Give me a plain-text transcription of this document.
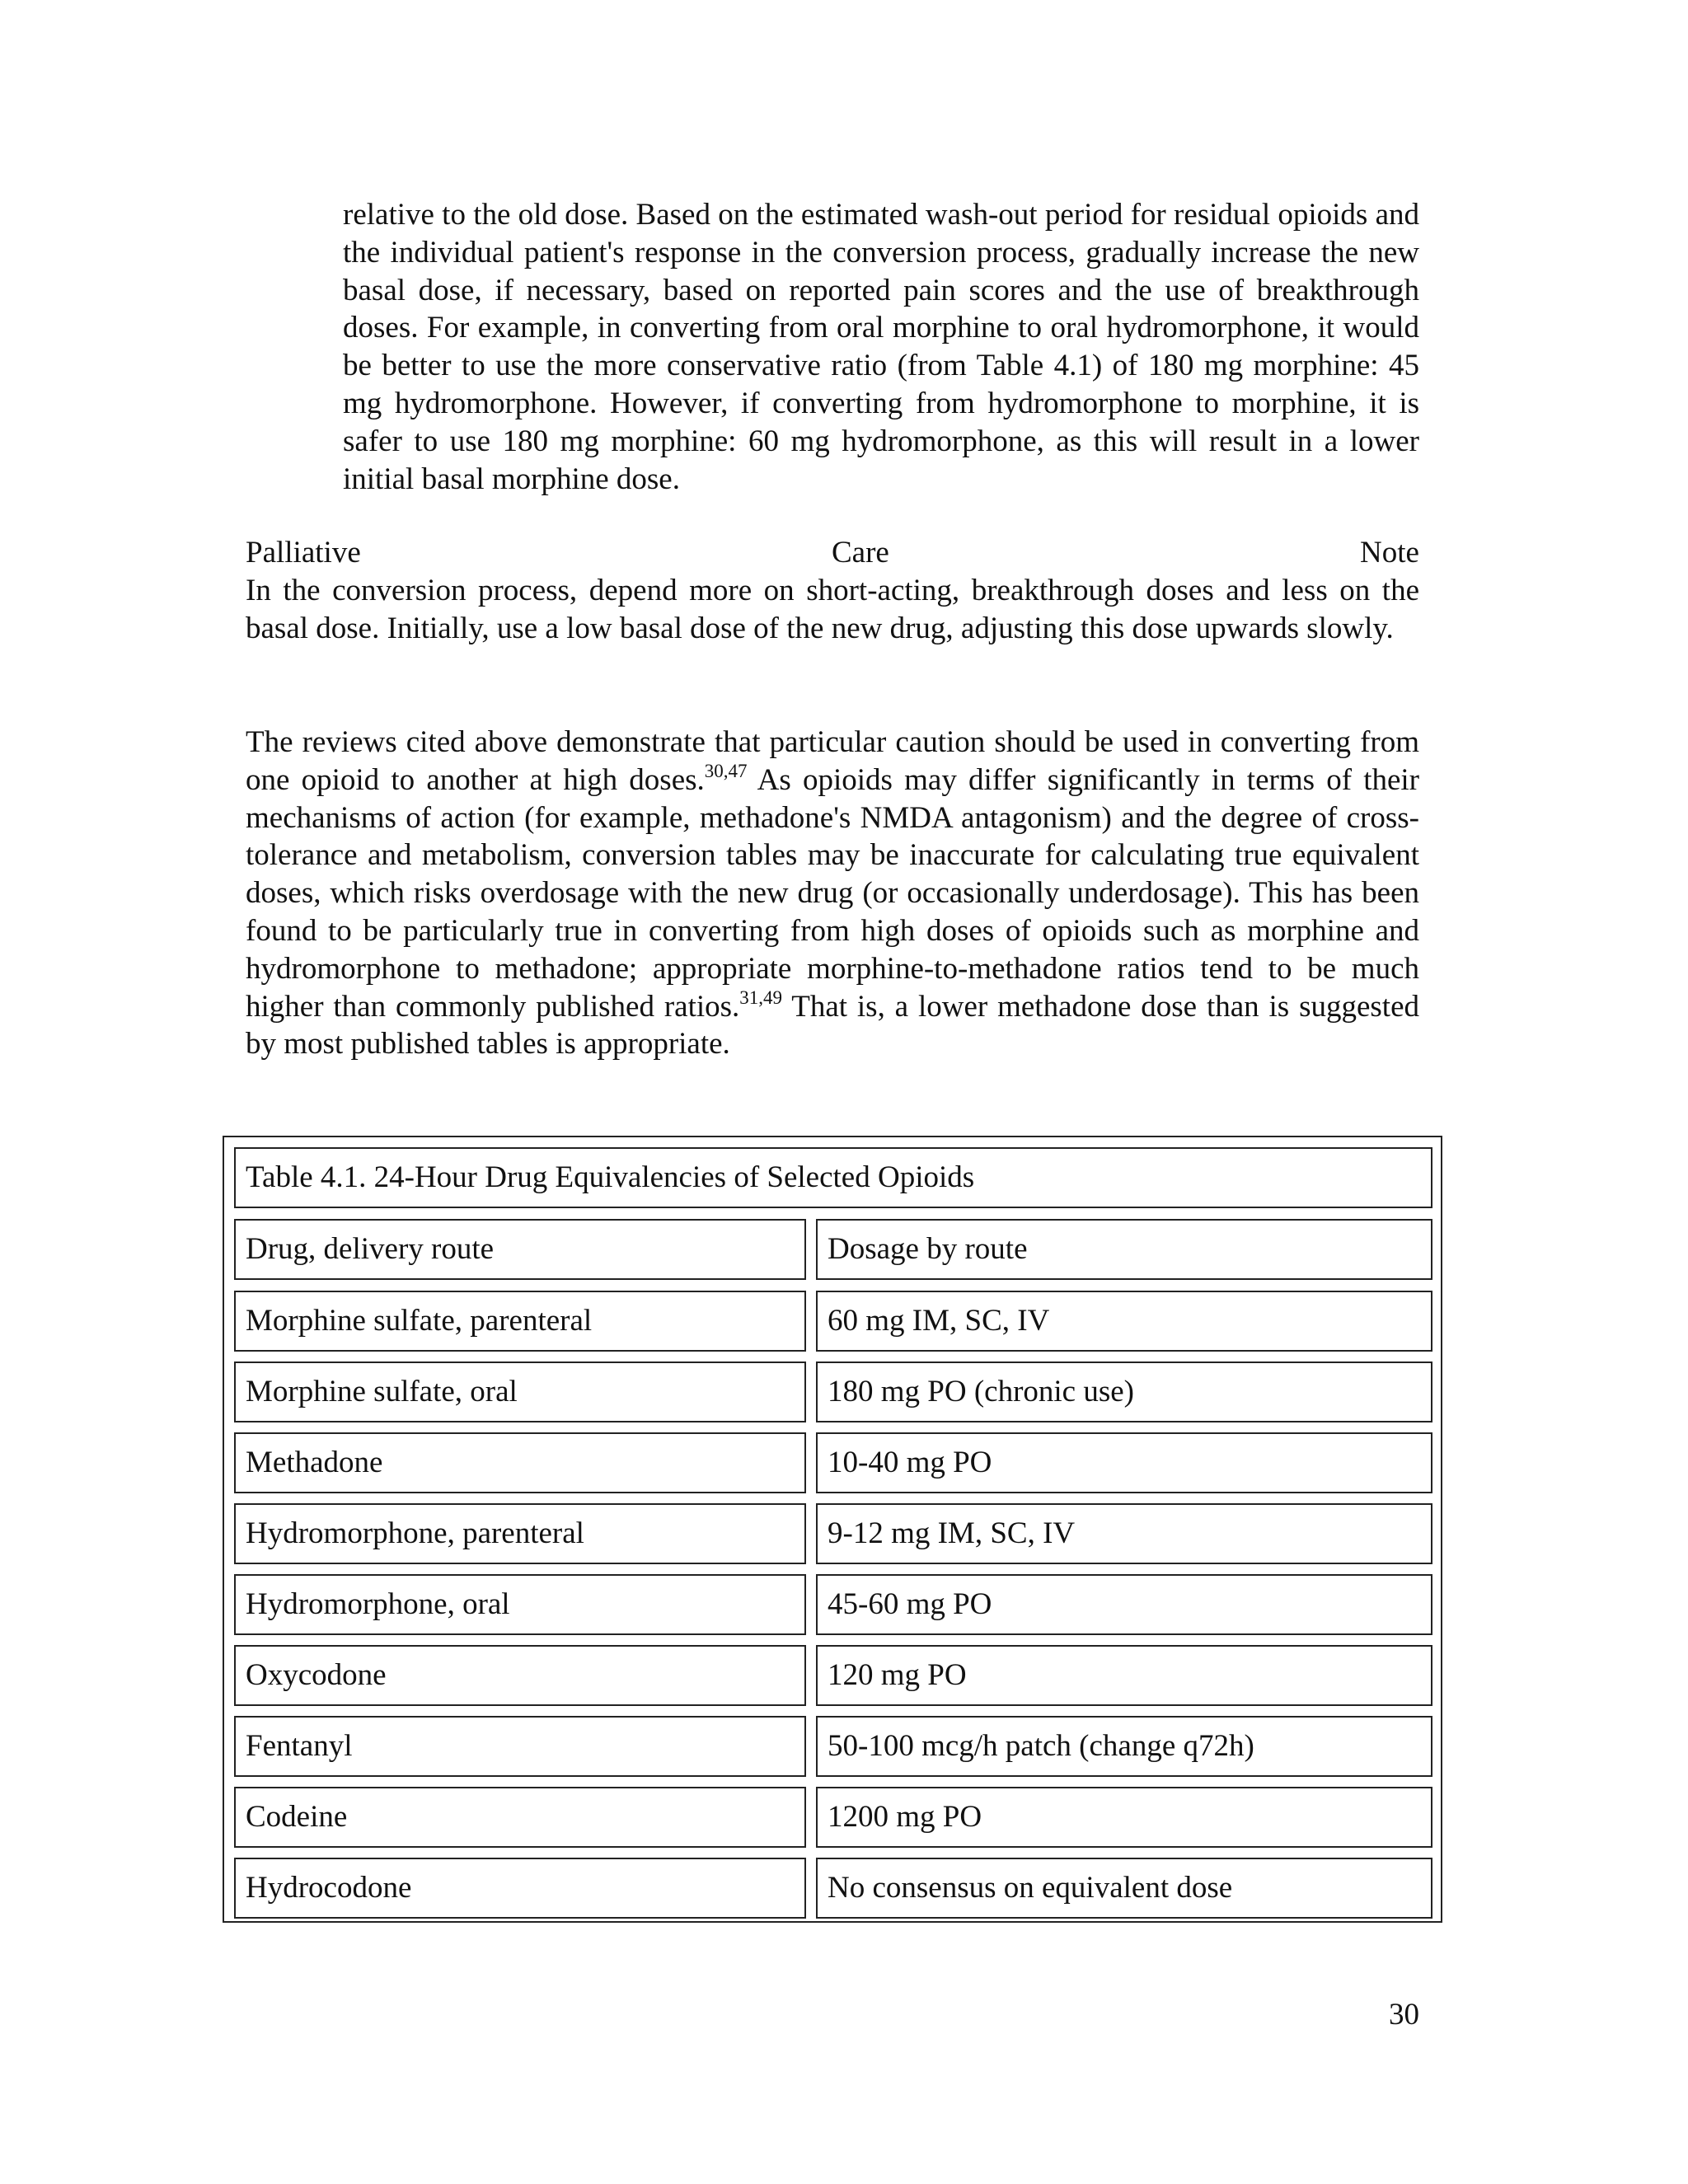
relative to the old dose. Based on the estimated wash-out period for residual opioids and the individual patient's response in the conversion process, gradually increase the new basal dose, if necessary, based on reported pain scores and the use of breakthrough doses. For example, in converting from oral morphine to oral hydromorphone, it would be better to use the more conservative ratio (from Table 4.1) of 180 mg morphine: 45 mg hydromorphone. However, if converting from hydromorphone to morphine, it is safer to use 180 mg morphine: 60 mg hydromorphone, as this will result in a lower initial basal morphine dose.

Palliative	Care	Note
In the conversion process, depend more on short-acting, breakthrough doses and less on the basal dose. Initially, use a low basal dose of the new drug, adjusting this dose upwards slowly.

The reviews cited above demonstrate that particular caution should be used in converting from one opioid to another at high doses.$^{30,47}$ As opioids may differ significantly in terms of their mechanisms of action (for example, methadone's NMDA antagonism) and the degree of cross-tolerance and metabolism, conversion tables may be inaccurate for calculating true equivalent doses, which risks overdosage with the new drug (or occasionally underdosage). This has been found to be particularly true in converting from high doses of opioids such as morphine and hydromorphone to methadone; appropriate morphine-to-methadone ratios tend to be much higher than commonly published ratios.$^{31,49}$ That is, a lower methadone dose than is suggested by most published tables is appropriate.

Table 4.1. 24-Hour Drug Equivalencies of Selected Opioids
Drug, delivery route	Dosage by route
Morphine sulfate, parenteral	60 mg IM, SC, IV
Morphine sulfate, oral	180 mg PO (chronic use)
Methadone	10-40 mg PO
Hydromorphone, parenteral	9-12 mg IM, SC, IV
Hydromorphone, oral	45-60 mg PO
Oxycodone	120 mg PO
Fentanyl	50-100 mcg/h patch (change q72h)
Codeine	1200 mg PO
Hydrocodone	No consensus on equivalent dose
30
